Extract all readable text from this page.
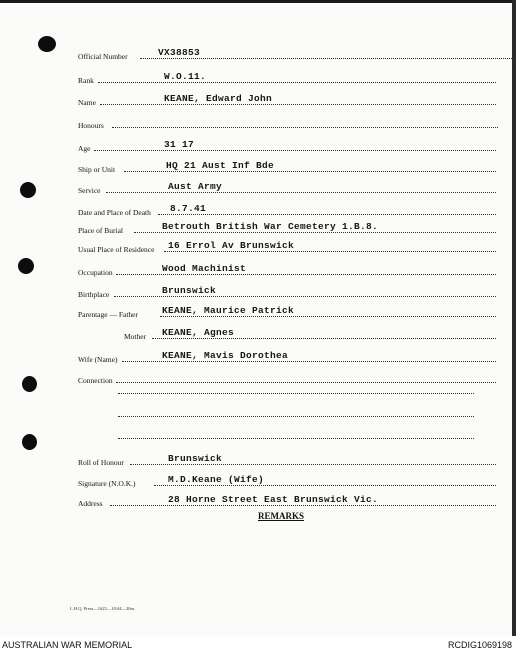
Official Number	VX38853
Rank	W.O.11.
Name	KEANE, Edward John
Honours
Age	31 17
Ship or Unit	HQ 21 Aust Inf Bde
Service	Aust Army
Date and Place of Death 8.7.41
Place of Burial	Betrouth British War Cemetery 1.B.8.
Usual Place of Residence 16 Errol Av Brunswick
Occupation	Wood Machinist
Birthplace	Brunswick
Parentage — Father	KEANE, Maurice Patrick
Mother KEANE, Agnes
Wife (Name)	KEANE, Mavis Dorothea
Connection
Roll of Honour	Brunswick
Signature (N.O.K.)	M.D.Keane (Wife)
Address	28 Horne Street East Brunswick Vic.
REMARKS
L.H.Q. Press—1625—10/44—20m.
AUSTRALIAN WAR MEMORIAL	RCDIG1069198
